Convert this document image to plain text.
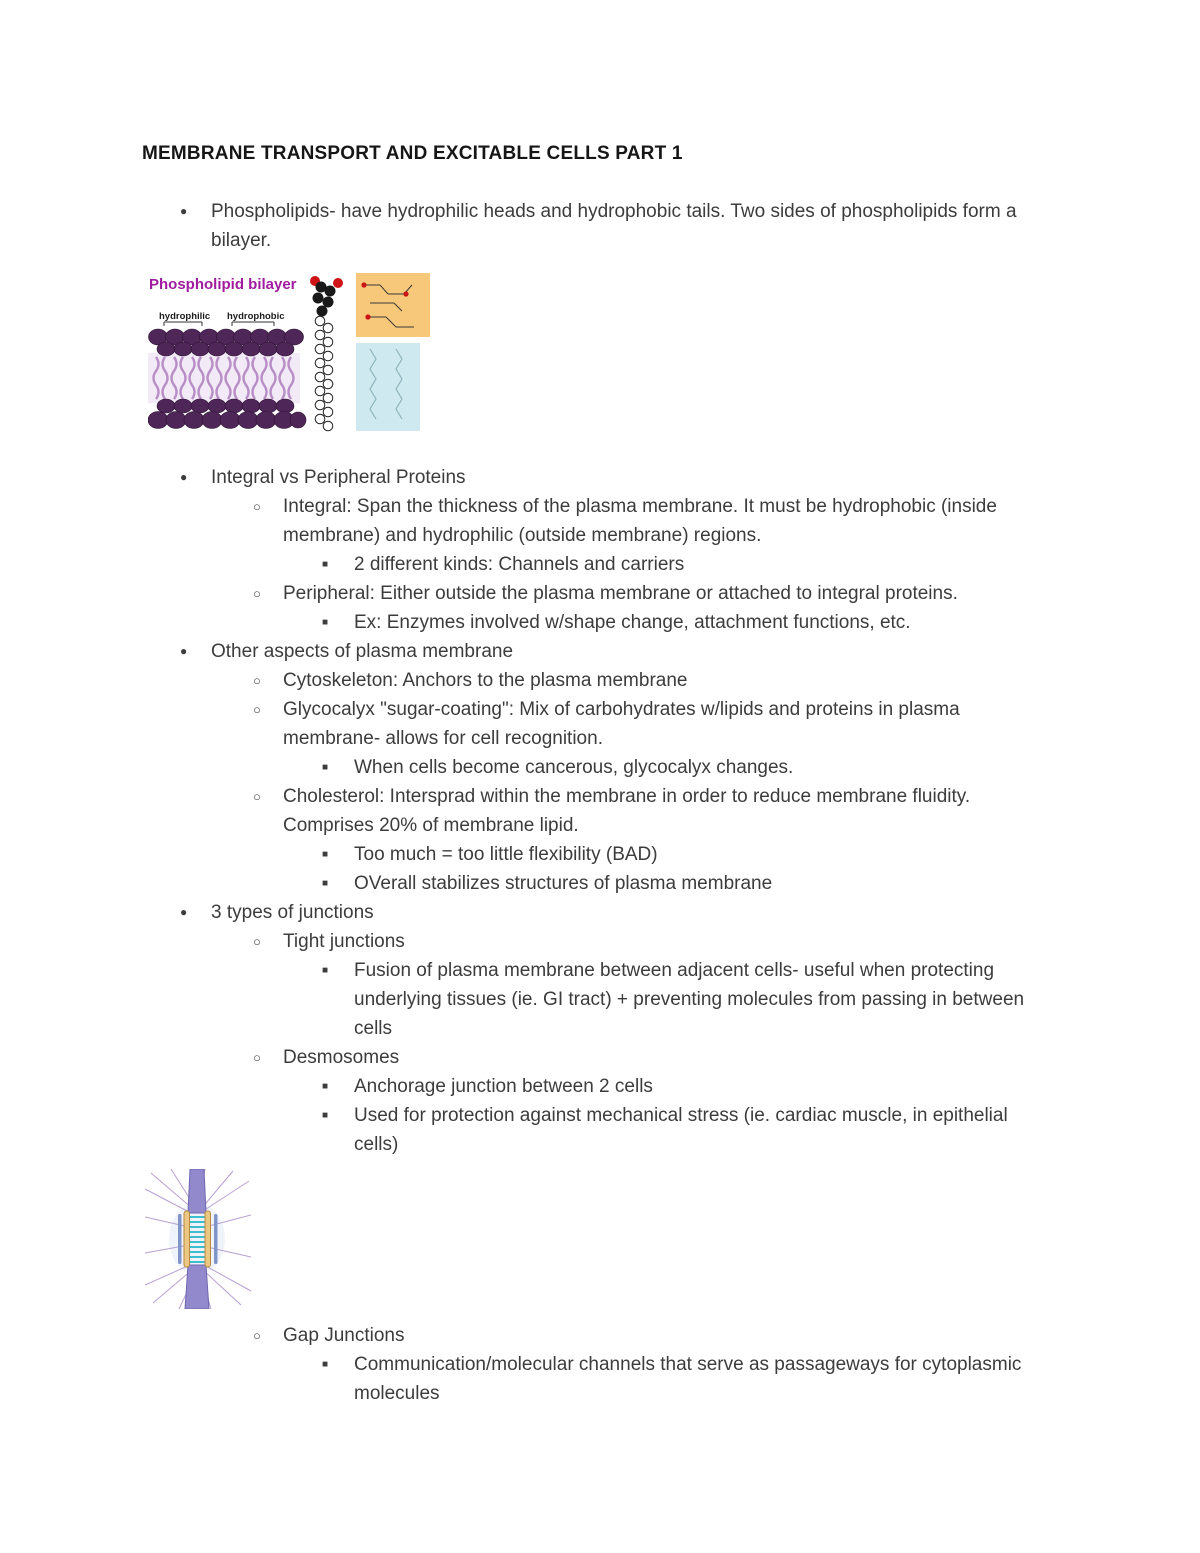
MEMBRANE TRANSPORT AND EXCITABLE CELLS PART 1
●	Phospholipids- have hydrophilic heads and hydrophobic tails. Two sides of phospholipids form a bilayer.
Phospholipid bilayer
hydrophilic hydrophobic
●	Integral vs Peripheral Proteins
○	Integral: Span the thickness of the plasma membrane. It must be hydrophobic (inside membrane) and hydrophilic (outside membrane) regions.
■	2 different kinds: Channels and carriers
○	Peripheral: Either outside the plasma membrane or attached to integral proteins.
■	Ex: Enzymes involved w/shape change, attachment functions, etc.
●	Other aspects of plasma membrane
○	Cytoskeleton: Anchors to the plasma membrane
○	Glycocalyx "sugar-coating": Mix of carbohydrates w/lipids and proteins in plasma membrane- allows for cell recognition.
■	When cells become cancerous, glycocalyx changes.
○	Cholesterol: Intersprad within the membrane in order to reduce membrane fluidity. Comprises 20% of membrane lipid.
■	Too much = too little flexibility (BAD)
■	OVerall stabilizes structures of plasma membrane
●	3 types of junctions
○	Tight junctions
■	Fusion of plasma membrane between adjacent cells- useful when protecting underlying tissues (ie. GI tract) + preventing molecules from passing in between cells
○	Desmosomes
■	Anchorage junction between 2 cells
■	Used for protection against mechanical stress (ie. cardiac muscle, in epithelial cells)
○	Gap Junctions
■	Communication/molecular channels that serve as passageways for cytoplasmic molecules
